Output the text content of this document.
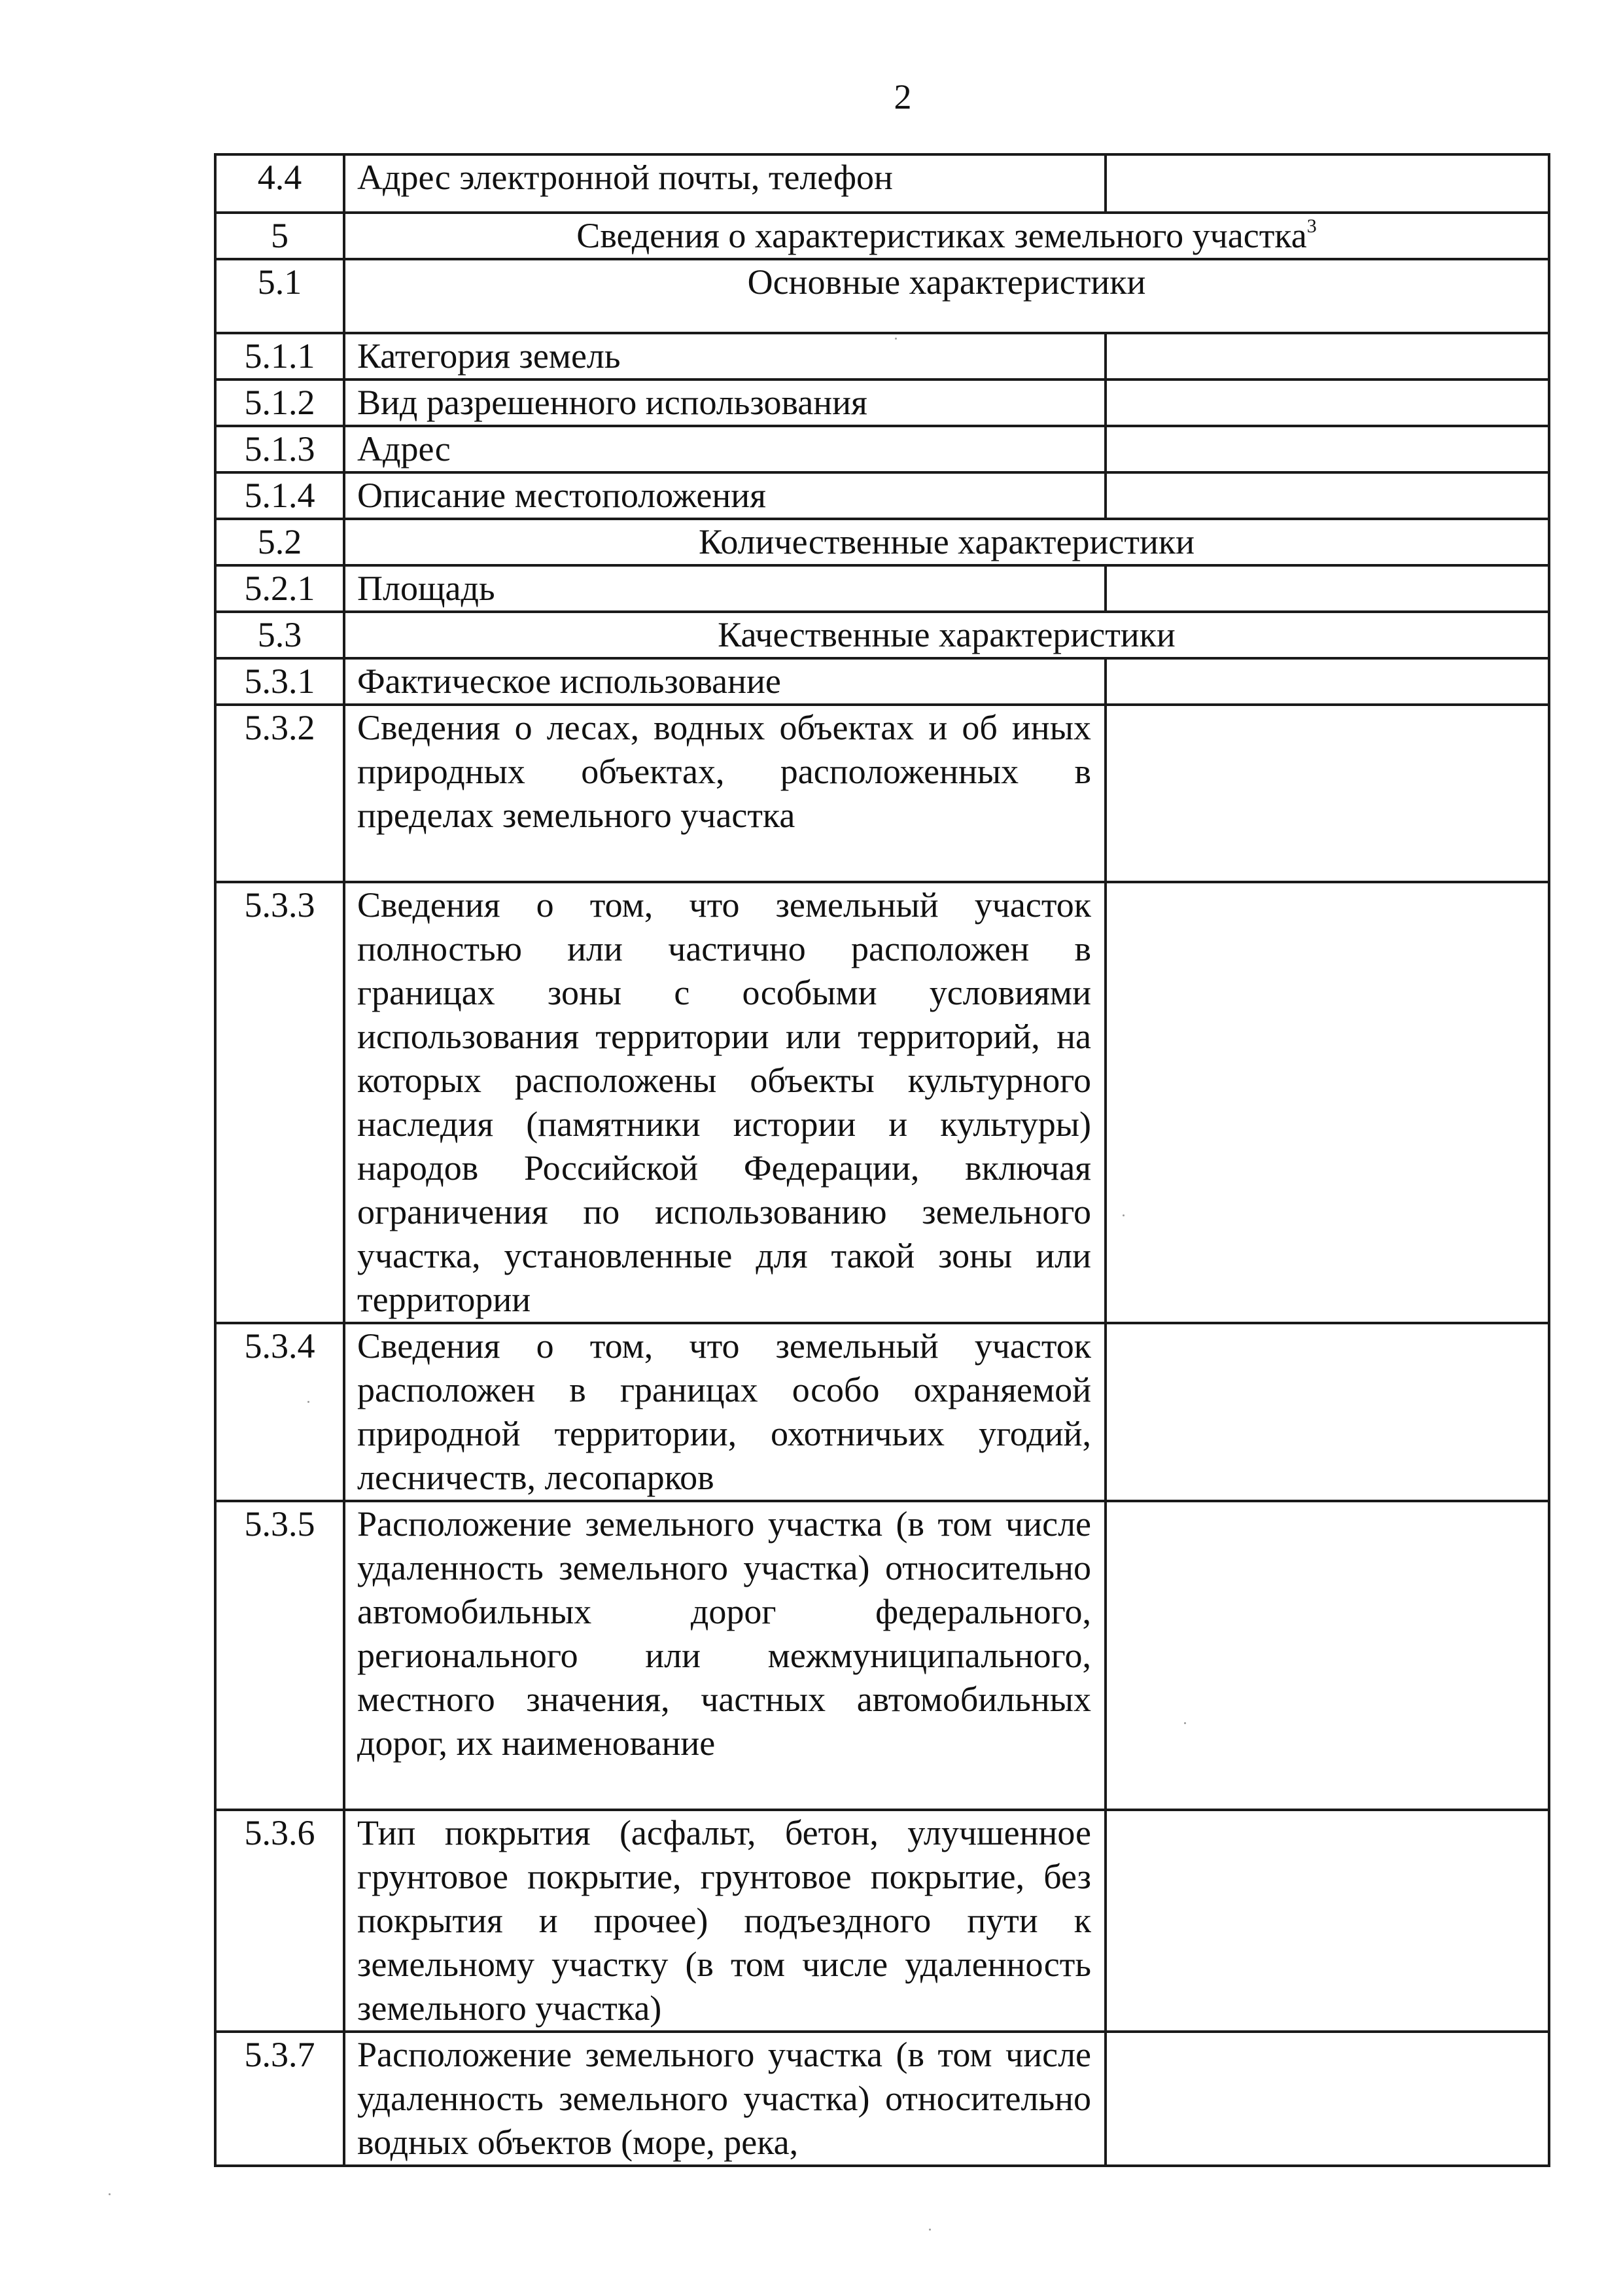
2
4.4	Адрес электронной почты, телефон	
5	Сведения о характеристиках земельного участка$^3$
5.1	Основные характеристики	
5.1.1	Категория земель	
5.1.2	Вид разрешенного использования	
5.1.3	Адрес	
5.1.4	Описание местоположения	
5.2	Количественные характеристики	
5.2.1	Площадь	
5.3	Качественные характеристики	
5.3.1	Фактическое использование	
5.3.2	Сведения о лесах, водных объектах и об иных природных объектах, расположенных в пределах земельного участка	
5.3.3	Сведения о том, что земельный участок полностью или частично расположен в границах зоны с особыми условиями использования территории или территорий, на которых расположены объекты культурного наследия (памятники истории и культуры) народов Российской Федерации, включая ограничения по использованию земельного участка, установленные для такой зоны или территории	
5.3.4	Сведения о том, что земельный участок расположен в границах особо охраняемой природной территории, охотничьих угодий, лесничеств, лесопарков	
5.3.5	Расположение земельного участка (в том числе удаленность земельного участка) относительно автомобильных дорог федерального, регионального или межмуниципального, местного значения, частных автомобильных дорог, их наименование	
5.3.6	Тип покрытия (асфальт, бетон, улучшенное грунтовое покрытие, грунтовое покрытие, без покрытия и прочее) подъездного пути к земельному участку (в том числе удаленность земельного участка)	
5.3.7	Расположение земельного участка (в том числе удаленность земельного участка) относительно водных объектов (море, река,	
